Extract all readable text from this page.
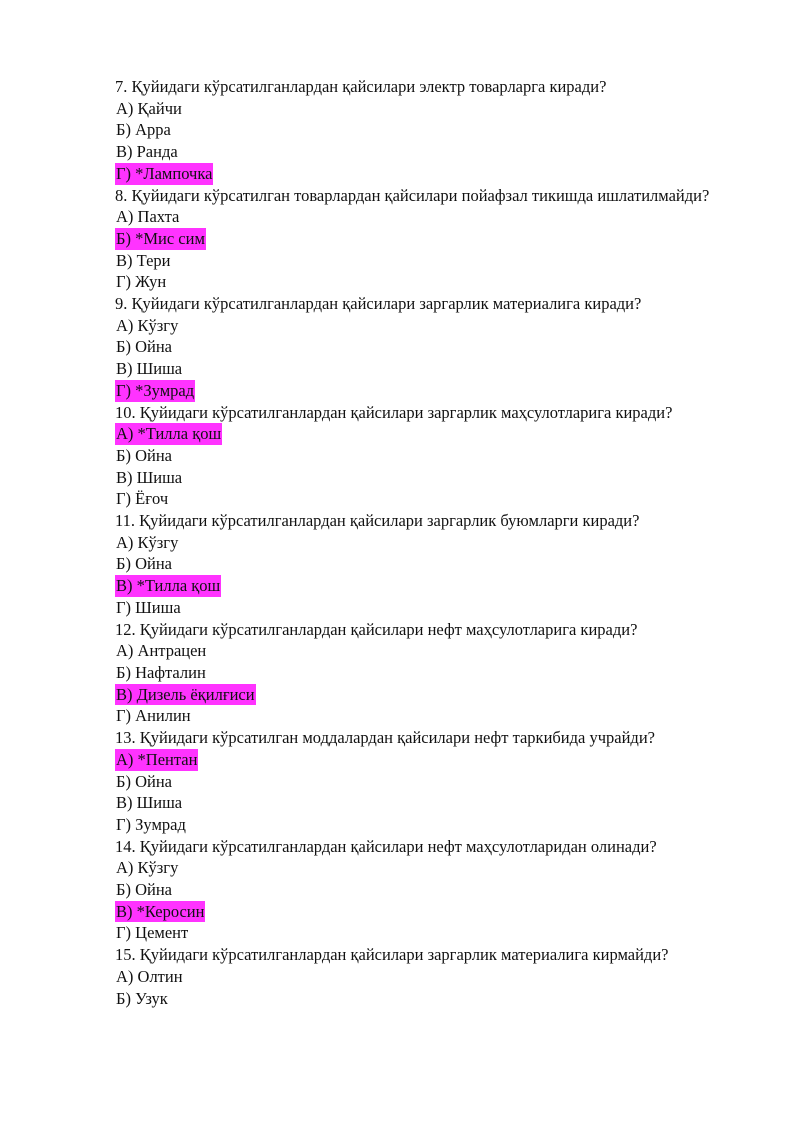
7. Қуйидаги кўрсатилганлардан қайсилари электр товарларга киради?

А) Қайчи

Б) Арра

В) Ранда

Г) *Лампочка

8. Қуйидаги кўрсатилган товарлардан қайсилари пойафзал тикишда ишлатилмайди?

А) Пахта

Б) *Мис сим

В) Тери

Г) Жун

9. Қуйидаги кўрсатилганлардан қайсилари заргарлик материалига киради?

А) Кўзгу

Б) Ойна

В) Шиша

Г) *Зумрад

10. Қуйидаги кўрсатилганлардан қайсилари заргарлик маҳсулотларига киради?

А) *Тилла қош

Б) Ойна

В) Шиша

Г) Ёғоч

11. Қуйидаги кўрсатилганлардан қайсилари заргарлик буюмларги киради?

А) Кўзгу

Б) Ойна

В) *Тилла қош

Г) Шиша

12. Қуйидаги кўрсатилганлардан қайсилари нефт маҳсулотларига киради?

А) Антрацен

Б) Нафталин

В) Дизель ёқилғиси

Г) Анилин

13. Қуйидаги кўрсатилган моддалардан қайсилари нефт таркибида учрайди?

А) *Пентан

Б) Ойна

В) Шиша

Г) Зумрад

14. Қуйидаги кўрсатилганлардан қайсилари нефт маҳсулотларидан олинади?

А) Кўзгу

Б) Ойна

В) *Керосин

Г) Цемент

15. Қуйидаги кўрсатилганлардан қайсилари заргарлик материалига кирмайди?

А) Олтин

Б) Узук
